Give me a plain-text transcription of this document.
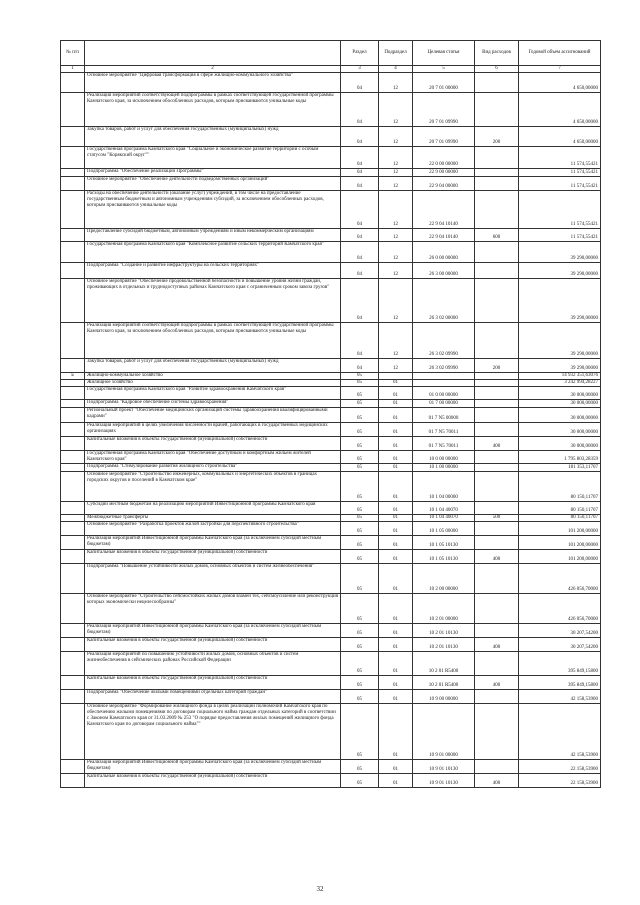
№ п/п		Раздел	Подраздел	Целевая статья	Вид расходов	Годовой объем ассигнований
1	2	3	4	5	6	7
	Основное мероприятие "Цифровая трансформация в сфере жилищно-коммунального хозяйства"	04	12	20 7 01 00000		4 650,00000
	Реализация мероприятий соответствующей подпрограммы в рамках соответствующей государственной программы Камчатского края, за исключением обособленных расходов, которым присваиваются уникальные коды	04	12	20 7 01 09990		4 650,00000
	Закупка товаров, работ и услуг для обеспечения государственных (муниципальных) нужд	04	12	20 7 01 09990	200	4 650,00000
	Государственная программа Камчатского края "Социальное и экономическое развитие территории с особым статусом "Корякский округ""	04	12	22 0 00 00000		11 574,55421
	Подпрограмма "Обеспечение реализации Программы"	04	12	22 9 00 00000		11 574,55421
	Основное мероприятие "Обеспечение деятельности подведомственных организаций"	04	12	22 9 04 00000		11 574,55421
	Расходы на обеспечение деятельности (оказание услуг) учреждений, в том числе на предоставление государственным бюджетным и автономным учреждениям субсидий, за исключением обособленных расходов, которым присваиваются уникальные коды	04	12	22 9 04 10140		11 574,55421
	Предоставление субсидий бюджетным, автономным учреждениям и иным некоммерческим организациям	04	12	22 9 04 10140	600	11 574,55421
	Государственная программа Камчатского края "Комплексное развитие сельских территорий Камчатского края"	04	12	26 0 00 00000		39 290,00000
	Подпрограмма "Создание и развитие инфраструктуры на сельских территориях"	04	12	26 3 00 00000		39 290,00000
	Основное мероприятие "Обеспечение продовольственной безопасности и повышение уровня жизни граждан, проживающих в отдельных и труднодоступных районах Камчатского края с ограниченным сроком завоза грузов"	04	12	26 3 02 00000		39 290,00000
	Реализация мероприятий соответствующей подпрограммы в рамках соответствующей государственной программы Камчатского края, за исключением обособленных расходов, которым присваиваются уникальные коды	04	12	26 3 02 09990		39 290,00000
	Закупка товаров, работ и услуг для обеспечения государственных (муниципальных) нужд	04	12	26 3 02 09990	200	39 290,00000
5	Жилищно-коммунальное хозяйство	05				14 932 351,63076
	Жилищное хозяйство	05	01			3 242 994,28227
	Государственная программа Камчатского края "Развитие здравоохранения Камчатского края"	05	01	01 0 00 00000		30 000,00000
	Подпрограмма "Кадровое обеспечение системы здравоохранения"	05	01	01 7 00 00000		30 000,00000
	Региональный проект "Обеспечение медицинских организаций системы здравоохранения квалифицированными кадрами"	05	01	01 7 N5 00000		30 000,00000
	Реализация мероприятий в целях увеличения численности врачей, работающих в государственных медицинских организациях	05	01	01 7 N5 70011		30 000,00000
	Капитальные вложения в объекты государственной (муниципальной) собственности	05	01	01 7 N5 70011	400	30 000,00000
	Государственная программа Камчатского края "Обеспечение доступным и комфортным жильем жителей Камчатского края"	05	01	10 0 00 00000		1 795 803,28359
	Подпрограмма "Стимулирование развития жилищного строительства"	05	01	10 1 00 00000		181 353,11707
	Основное мероприятие "Строительство инженерных, коммунальных и энергетических объектов в границах городских округов и поселений в Камчатском крае"	05	01	10 1 04 00000		80 150,11707
	Субсидии местным бюджетам на реализацию мероприятий Инвестиционной программы Камчатского края	05	01	10 1 04 40070		80 150,11707
	Межбюджетные трансферты	05	01	10 1 04 40070	500	80 150,11707
	Основное мероприятие "Разработка проектов жилой застройки для перспективного строительства"	05	01	10 1 05 00000		101 200,00000
	Реализация мероприятий Инвестиционной программы Камчатского края (за исключением субсидий местным бюджетам)	05	01	10 1 05 10130		101 200,00000
	Капитальные вложения в объекты государственной (муниципальной) собственности	05	01	10 1 05 10130	400	101 200,00000
	Подпрограмма "Повышение устойчивости жилых домов, основных объектов и систем жизнеобеспечения"	05	01	10 2 00 00000		426 056,70000
	Основное мероприятие "Строительство сейсмостойких жилых домов взамен тех, сейсмоусиление или реконструкция которых экономически нецелесообразны"	05	01	10 2 01 00000		426 056,70000
	Реализация мероприятий Инвестиционной программы Камчатского края (за исключением субсидий местным бюджетам)	05	01	10 2 01 10130		30 207,54200
	Капитальные вложения в объекты государственной (муниципальной) собственности	05	01	10 2 01 10130	400	30 207,54200
	Реализация мероприятий по повышению устойчивости жилых домов, основных объектов и систем жизнеобеспечения в сейсмических районах Российской Федерации	05	01	10 2 01 R5400		395 849,15800
	Капитальные вложения в объекты государственной (муниципальной) собственности	05	01	10 2 01 R5400	400	395 849,15800
	Подпрограмма "Обеспечение жилыми помещениями отдельных категорий граждан"	05	01	10 9 00 00000		42 158,53900
	Основное мероприятие "Формирование жилищного фонда в целях реализации полномочий Камчатского края по обеспечению жилыми помещениями по договорам социального найма граждан отдельных категорий в соответствии с Законом Камчатского края от 31.03.2009 № 253 "О порядке предоставления жилых помещений жилищного фонда Камчатского края по договорам социального найма""	05	01	10 9 01 00000		42 158,53900
	Реализация мероприятий Инвестиционной программы Камчатского края (за исключением субсидий местным бюджетам)	05	01	10 9 01 10130		22 158,53900
	Капитальные вложения в объекты государственной (муниципальной) собственности	05	01	10 9 01 10130	400	22 158,53900
32
